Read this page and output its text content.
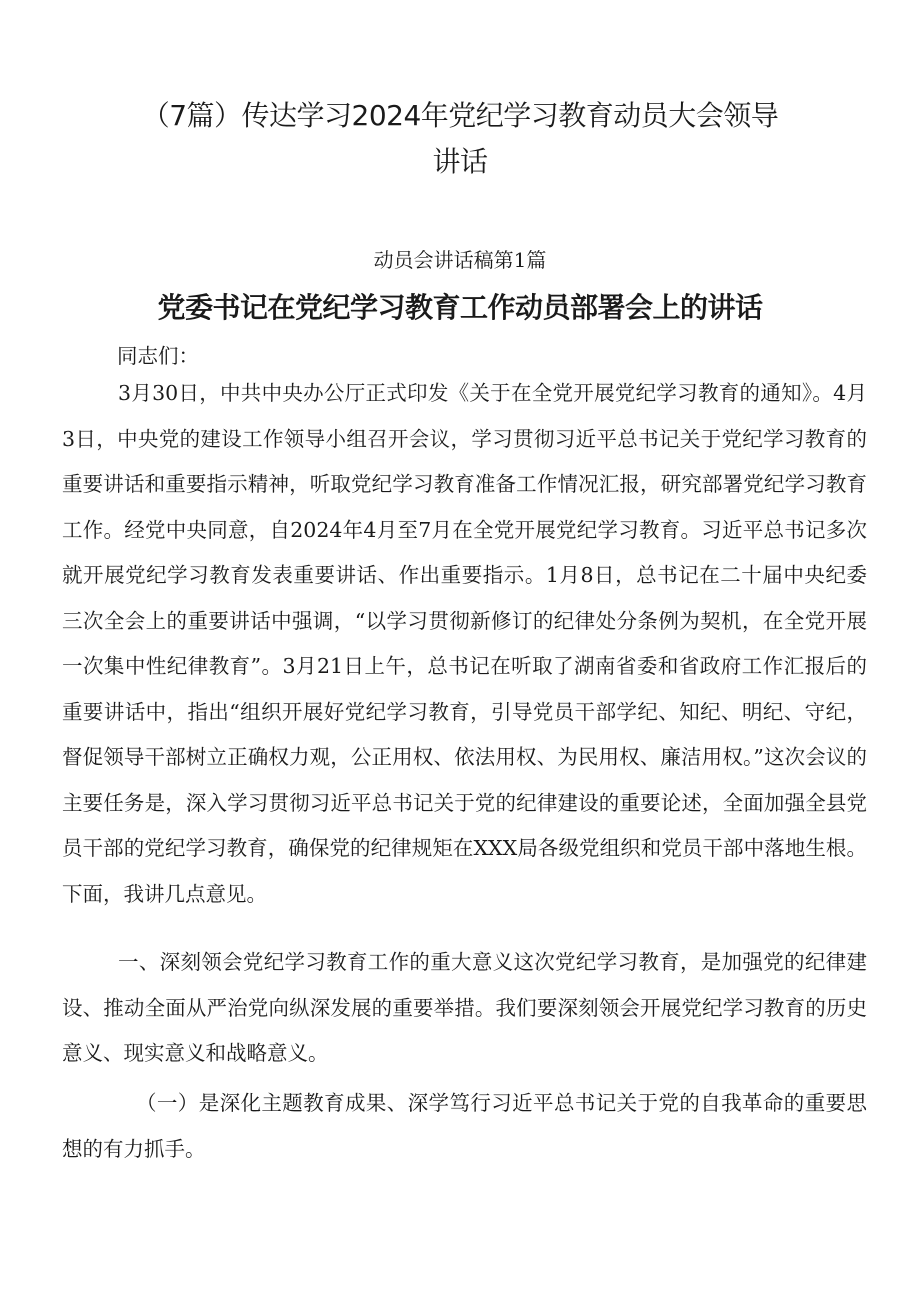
（7篇）传达学习2024年党纪学习教育动员大会领导
讲话

动员会讲话稿第1篇

党委书记在党纪学习教育工作动员部署会上的讲话

同志们：

3月30日，中共中央办公厅正式印发《关于在全党开展党纪学习教育的通知》。4月3日，中央党的建设工作领导小组召开会议，学习贯彻习近平总书记关于党纪学习教育的重要讲话和重要指示精神，听取党纪学习教育准备工作情况汇报，研究部署党纪学习教育工作。经党中央同意，自2024年4月至7月在全党开展党纪学习教育。习近平总书记多次就开展党纪学习教育发表重要讲话、作出重要指示。1月8日，总书记在二十届中央纪委三次全会上的重要讲话中强调，“以学习贯彻新修订的纪律处分条例为契机，在全党开展一次集中性纪律教育”。3月21日上午，总书记在听取了湖南省委和省政府工作汇报后的重要讲话中，指出“组织开展好党纪学习教育，引导党员干部学纪、知纪、明纪、守纪，督促领导干部树立正确权力观，公正用权、依法用权、为民用权、廉洁用权。”这次会议的主要任务是，深入学习贯彻习近平总书记关于党的纪律建设的重要论述，全面加强全县党员干部的党纪学习教育，确保党的纪律规矩在XXX局各级党组织和党员干部中落地生根。下面，我讲几点意见。

一、深刻领会党纪学习教育工作的重大意义这次党纪学习教育，是加强党的纪律建设、推动全面从严治党向纵深发展的重要举措。我们要深刻领会开展党纪学习教育的历史意义、现实意义和战略意义。

（一）是深化主题教育成果、深学笃行习近平总书记关于党的自我革命的重要思想的有力抓手。
